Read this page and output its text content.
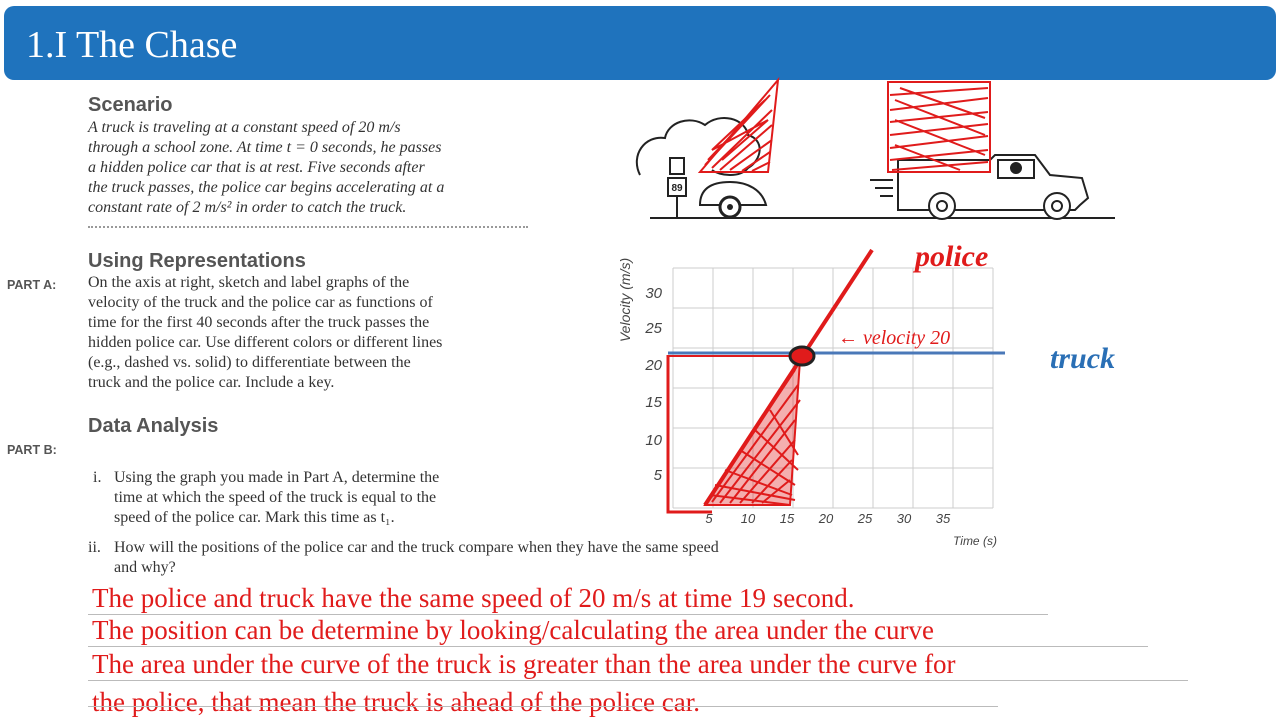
1.I The Chase
Scenario
A truck is traveling at a constant speed of 20 m/s
through a school zone. At time t = 0 seconds, he passes
a hidden police car that is at rest. Five seconds after
the truck passes, the police car begins accelerating at a
constant rate of 2 m/s² in order to catch the truck.
Using Representations
PART A: On the axis at right, sketch and label graphs of the
velocity of the truck and the police car as functions of
time for the first 40 seconds after the truck passes the
hidden police car. Use different colors or different lines
(e.g., dashed vs. solid) to differentiate between the
truck and the police car. Include a key.
Data Analysis
PART B:
i. Using the graph you made in Part A, determine the
time at which the speed of the truck is equal to the
speed of the police car. Mark this time as t₁.
ii. How will the positions of the police car and the truck compare when they have the same speed
and why?
89
Velocity (m/s)
5
10
15
20
25
30
5 10 15 20 25 30 35
Time (s)
← velocity 20
police
truck
The police and truck have the same speed of 20 m/s at time 19 second.
The position can be determine by looking/calculating the area under the curve
The area under the curve of the truck is greater than the area under the curve for
the police, that mean the truck is ahead of the police car.
